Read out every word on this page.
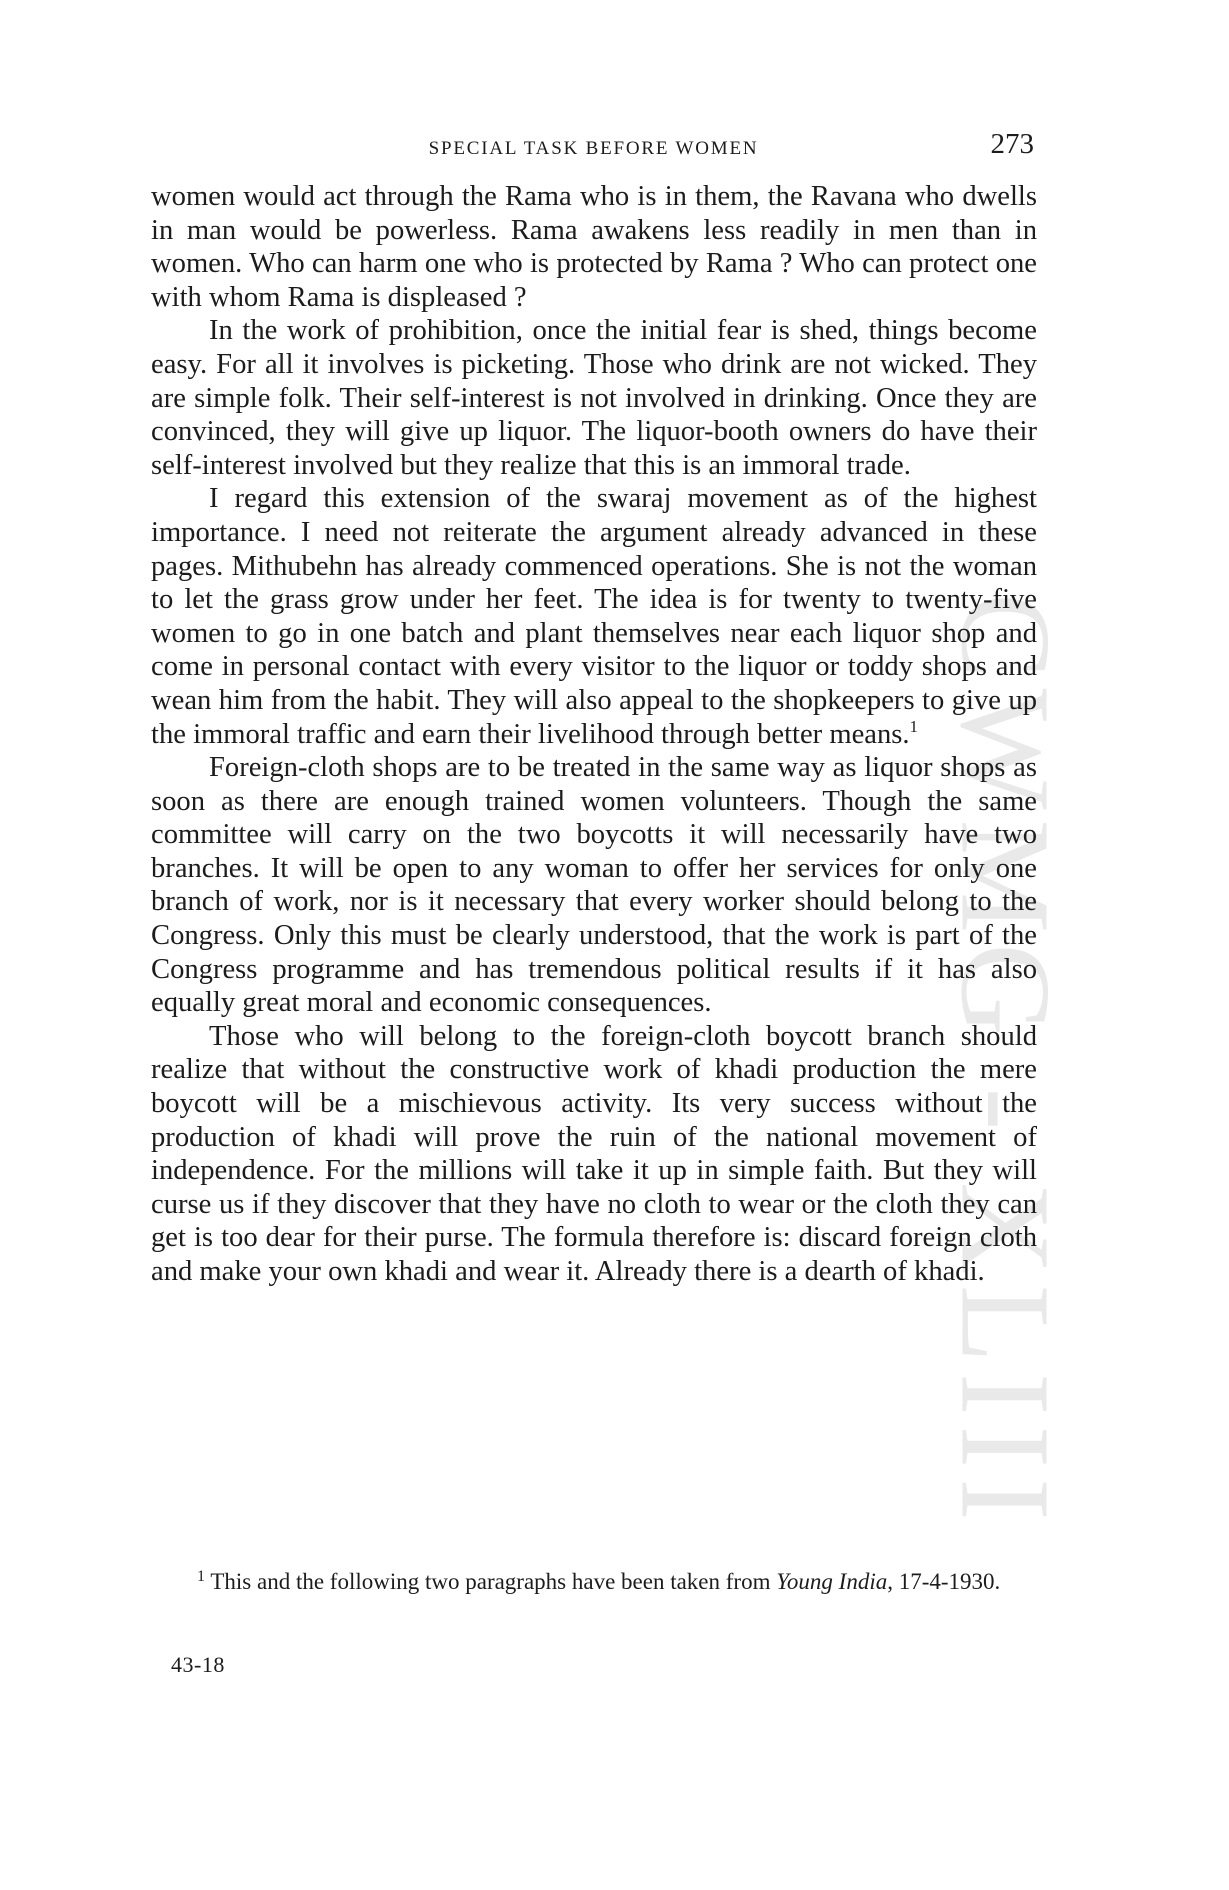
CWMG - XLIII
SPECIAL TASK BEFORE WOMEN	273

women would act through the Rama who is in them, the Ravana who dwells in man would be powerless. Rama awakens less readily in men than in women. Who can harm one who is protected by Rama ? Who can protect one with whom Rama is displeased ?

In the work of prohibition, once the initial fear is shed, things become easy. For all it involves is picketing. Those who drink are not wicked. They are simple folk. Their self-interest is not involved in drinking. Once they are convinced, they will give up liquor. The liquor-booth owners do have their self-interest involved but they realize that this is an immoral trade.

I regard this extension of the swaraj movement as of the highest importance. I need not reiterate the argument already advanced in these pages. Mithubehn has already commenced operations. She is not the woman to let the grass grow under her feet. The idea is for twenty to twenty-five women to go in one batch and plant themselves near each liquor shop and come in personal contact with every visitor to the liquor or toddy shops and wean him from the habit. They will also appeal to the shopkeepers to give up the immoral traffic and earn their livelihood through better means.$^1$

Foreign-cloth shops are to be treated in the same way as liquor shops as soon as there are enough trained women volunteers. Though the same committee will carry on the two boycotts it will necessarily have two branches. It will be open to any woman to offer her services for only one branch of work, nor is it necessary that every worker should belong to the Congress. Only this must be clearly understood, that the work is part of the Congress programme and has tremendous political results if it has also equally great moral and economic consequences.

Those who will belong to the foreign-cloth boycott branch should realize that without the constructive work of khadi production the mere boycott will be a mischievous activity. Its very success without the production of khadi will prove the ruin of the national movement of independence. For the millions will take it up in simple faith. But they will curse us if they discover that they have no cloth to wear or the cloth they can get is too dear for their purse. The formula therefore is: discard foreign cloth and make your own khadi and wear it. Already there is a dearth of khadi.

$^1$ This and the following two paragraphs have been taken from Young India, 17-4-1930.

43-18
